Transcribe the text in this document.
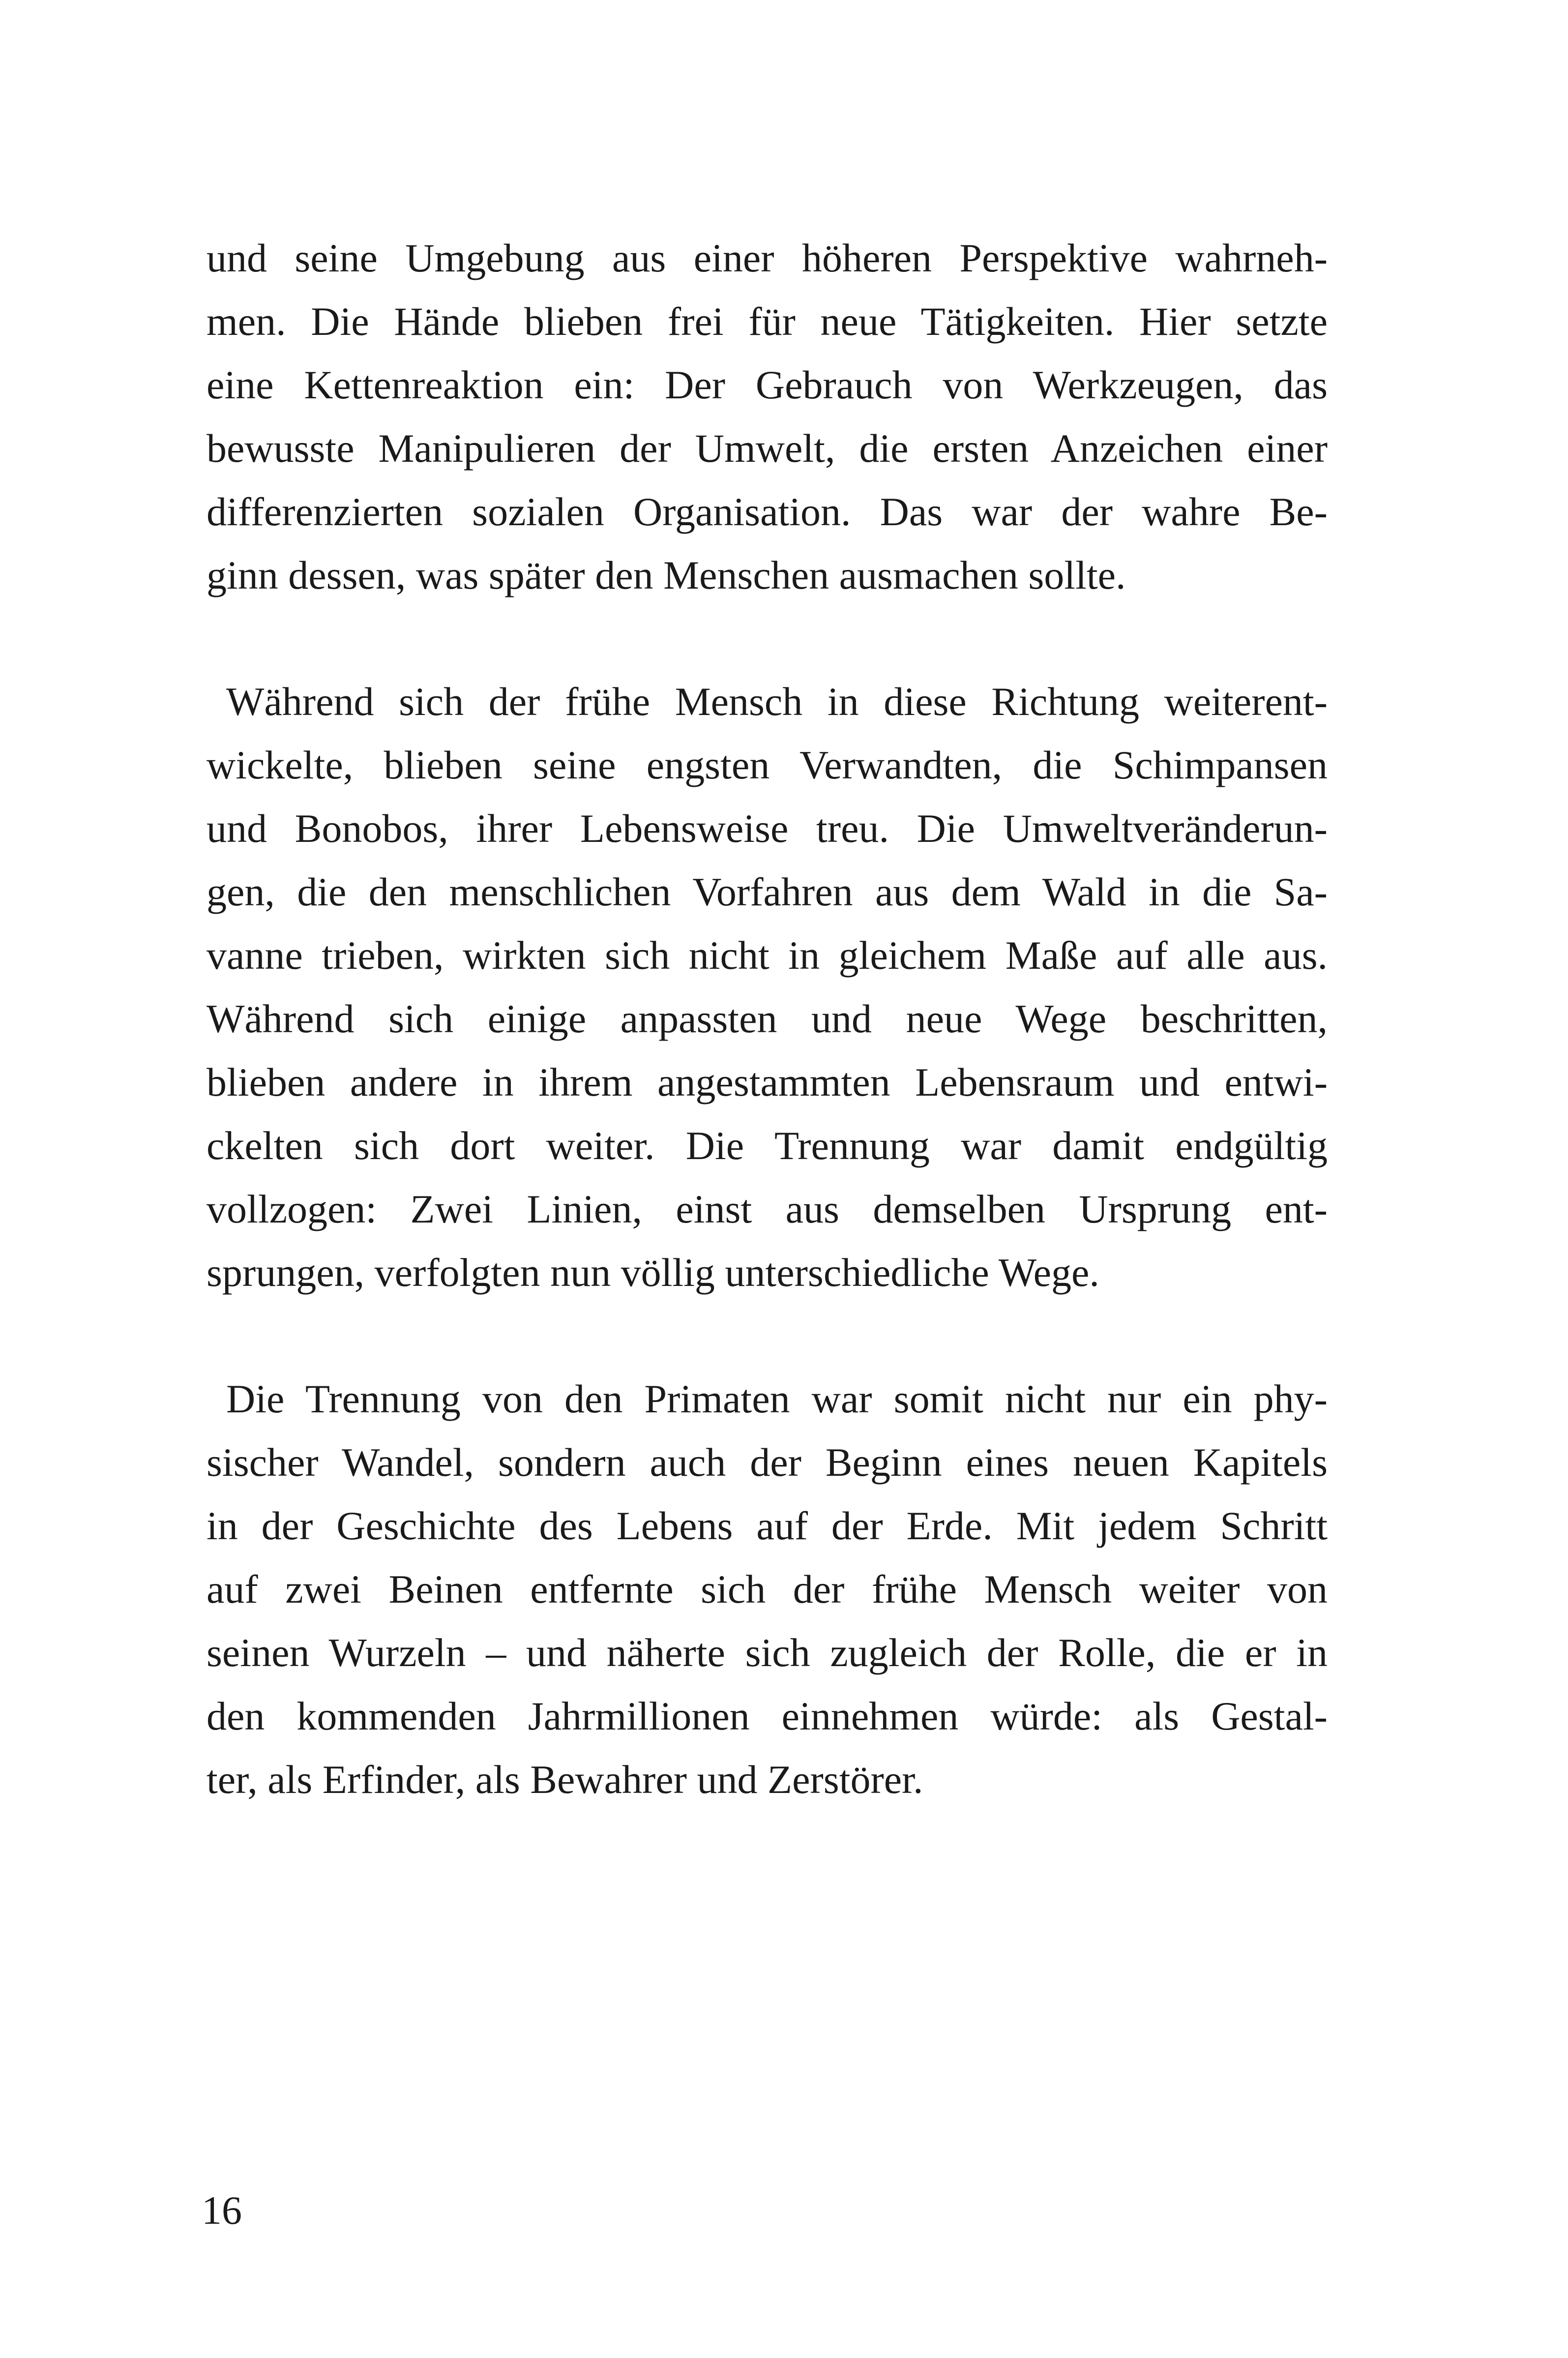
und seine Umgebung aus einer höheren Perspektive wahrneh-
men. Die Hände blieben frei für neue Tätigkeiten. Hier setzte
eine Kettenreaktion ein: Der Gebrauch von Werkzeugen, das
bewusste Manipulieren der Umwelt, die ersten Anzeichen einer
differenzierten sozialen Organisation. Das war der wahre Be-
ginn dessen, was später den Menschen ausmachen sollte.
Während sich der frühe Mensch in diese Richtung weiterent-
wickelte, blieben seine engsten Verwandten, die Schimpansen
und Bonobos, ihrer Lebensweise treu. Die Umweltveränderun-
gen, die den menschlichen Vorfahren aus dem Wald in die Sa-
vanne trieben, wirkten sich nicht in gleichem Maße auf alle aus.
Während sich einige anpassten und neue Wege beschritten,
blieben andere in ihrem angestammten Lebensraum und entwi-
ckelten sich dort weiter. Die Trennung war damit endgültig
vollzogen: Zwei Linien, einst aus demselben Ursprung ent-
sprungen, verfolgten nun völlig unterschiedliche Wege.
Die Trennung von den Primaten war somit nicht nur ein phy-
sischer Wandel, sondern auch der Beginn eines neuen Kapitels
in der Geschichte des Lebens auf der Erde. Mit jedem Schritt
auf zwei Beinen entfernte sich der frühe Mensch weiter von
seinen Wurzeln – und näherte sich zugleich der Rolle, die er in
den kommenden Jahrmillionen einnehmen würde: als Gestal-
ter, als Erfinder, als Bewahrer und Zerstörer.
16
